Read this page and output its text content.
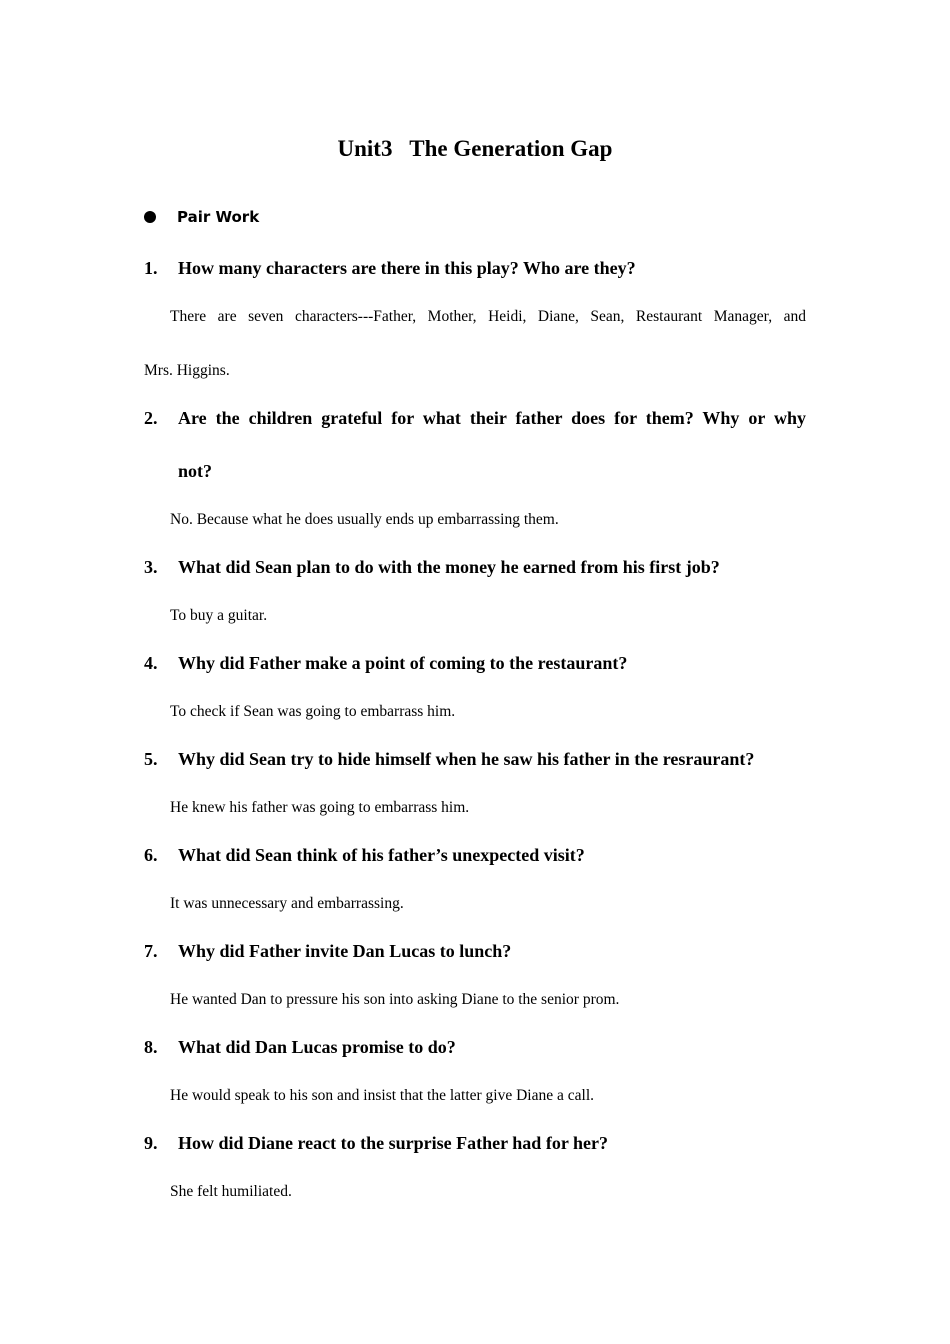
Unit3   The Generation Gap
Pair Work
1. How many characters are there in this play? Who are they?
There are seven characters---Father, Mother, Heidi, Diane, Sean, Restaurant Manager, and
Mrs. Higgins.
2. Are the children grateful for what their father does for them? Why or why
not?
No. Because what he does usually ends up embarrassing them.
3. What did Sean plan to do with the money he earned from his first job?
To buy a guitar.
4. Why did Father make a point of coming to the restaurant?
To check if Sean was going to embarrass him.
5. Why did Sean try to hide himself when he saw his father in the resraurant?
He knew his father was going to embarrass him.
6. What did Sean think of his father’s unexpected visit?
It was unnecessary and embarrassing.
7. Why did Father invite Dan Lucas to lunch?
He wanted Dan to pressure his son into asking Diane to the senior prom.
8. What did Dan Lucas promise to do?
He would speak to his son and insist that the latter give Diane a call.
9. How did Diane react to the surprise Father had for her?
She felt humiliated.
